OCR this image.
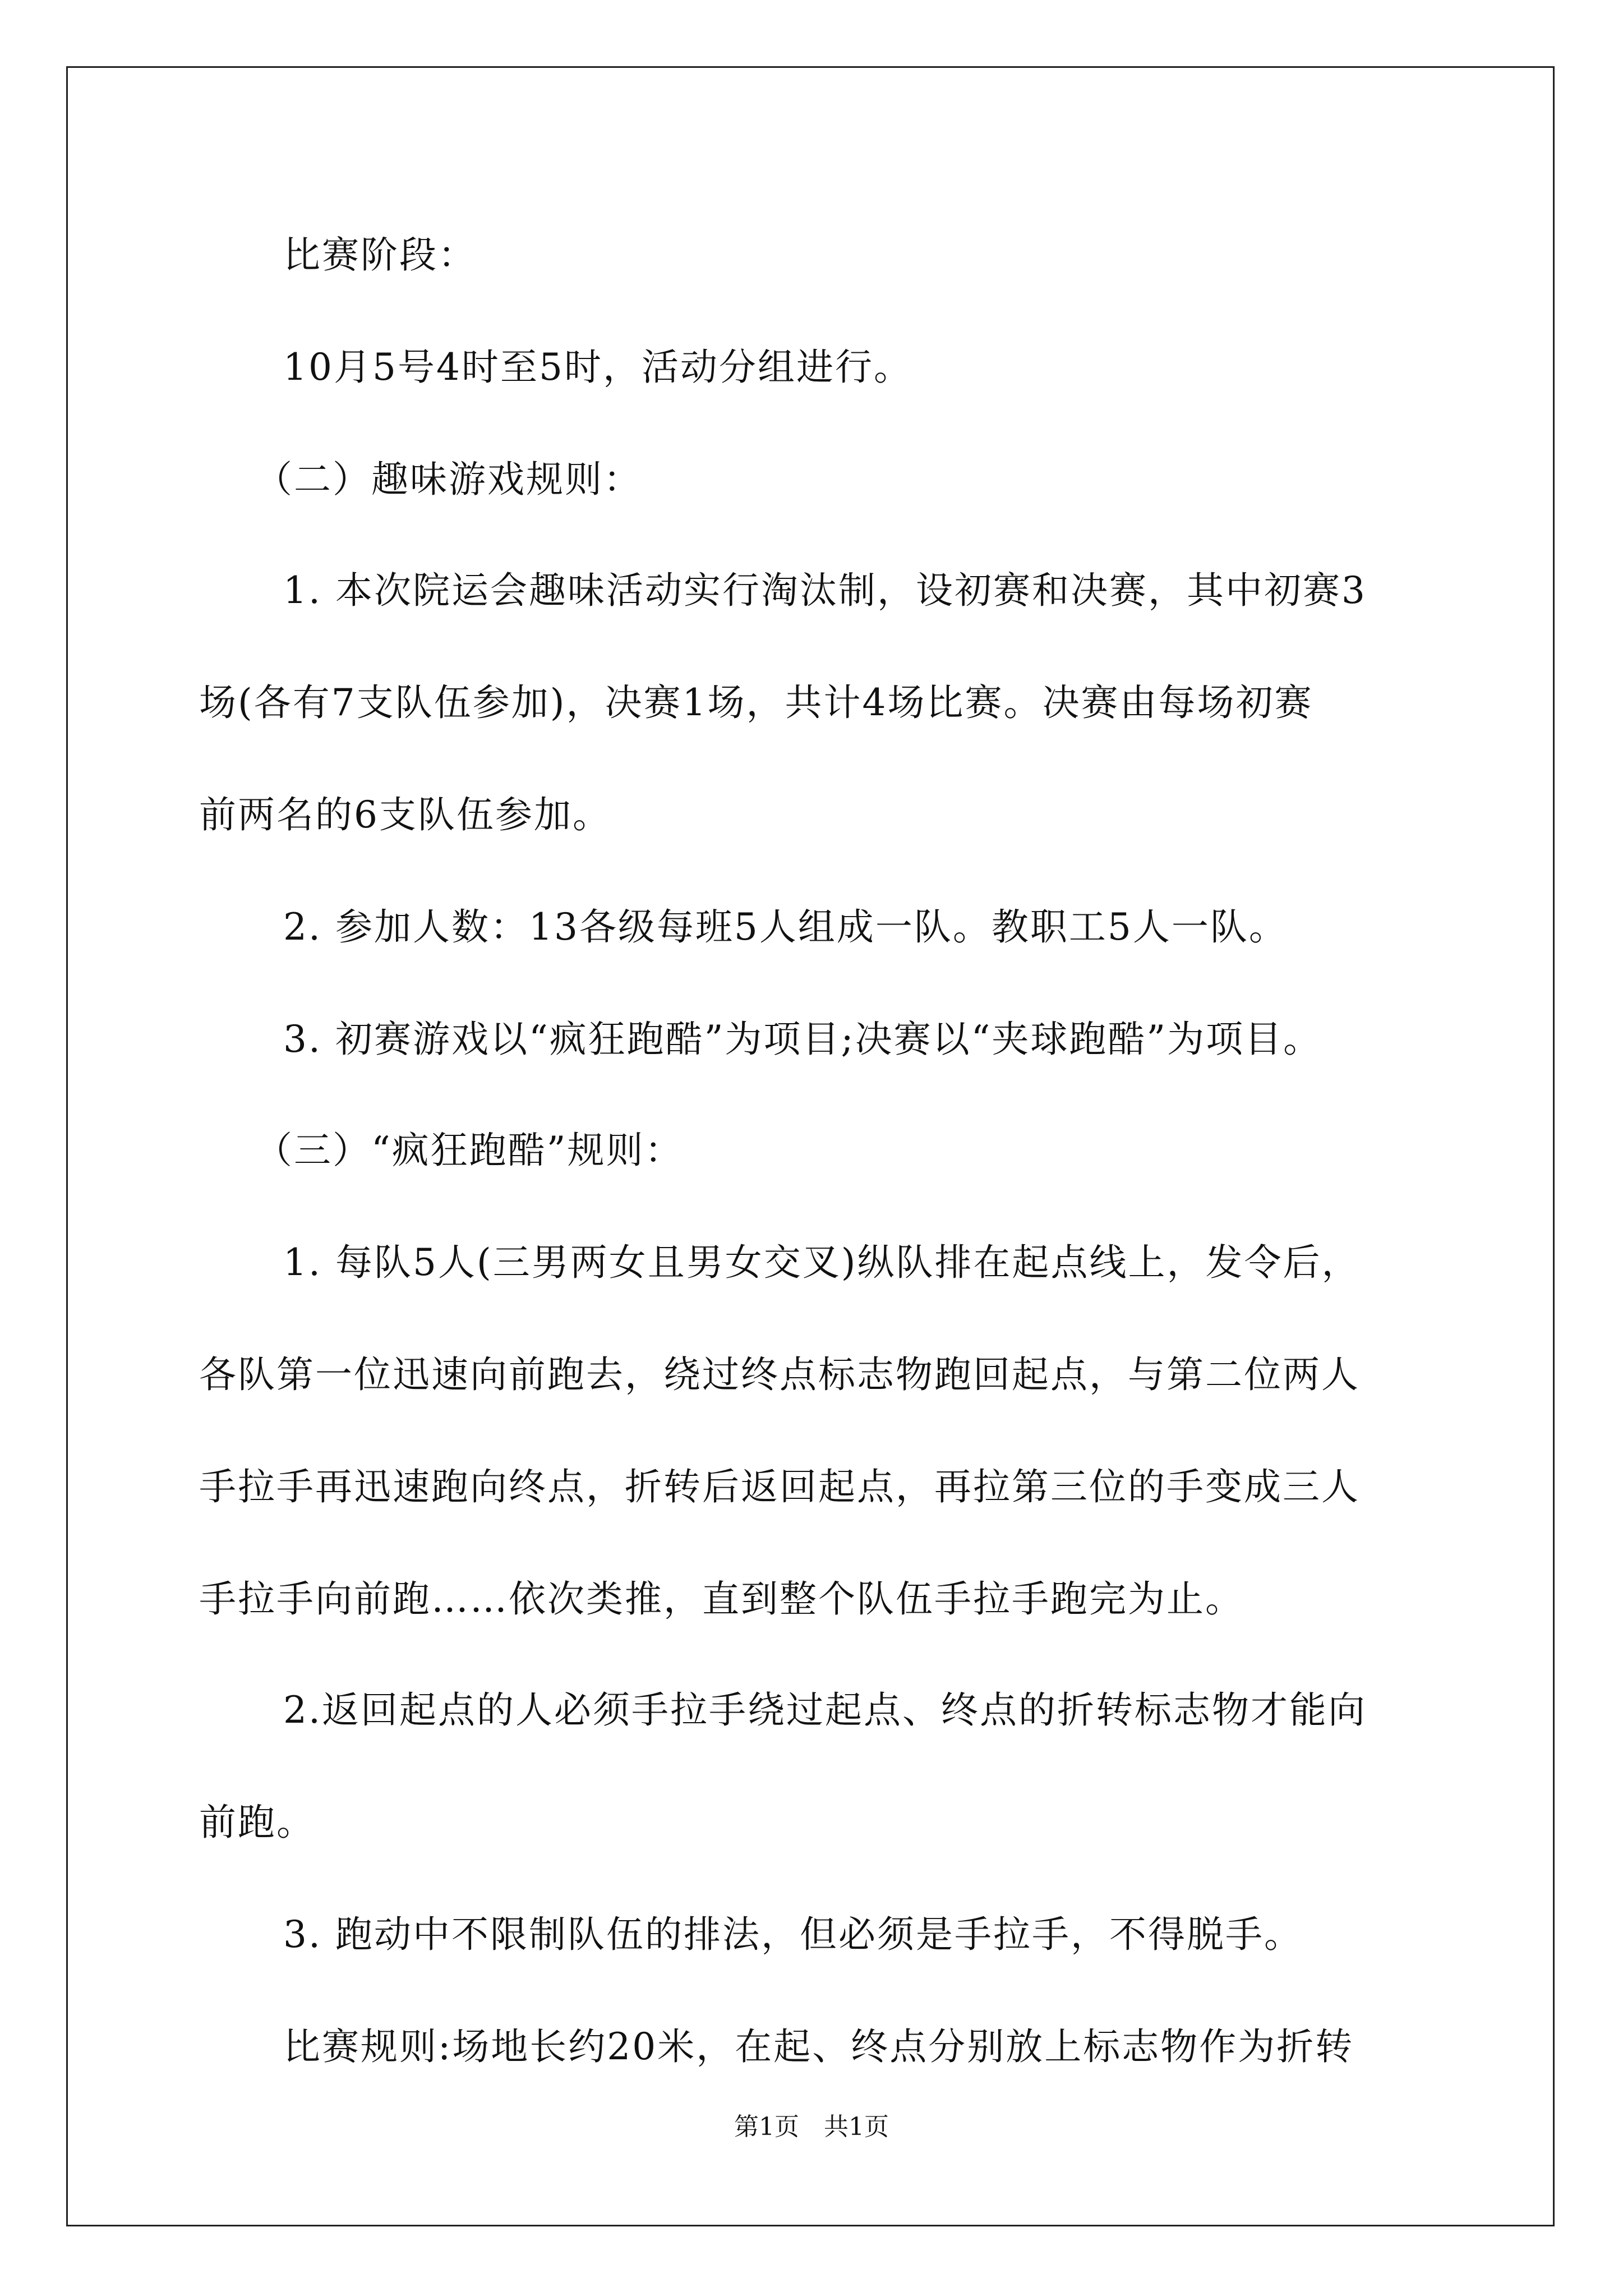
比赛阶段：
10月5号4时至5时，活动分组进行。
（二）趣味游戏规则：
1. 本次院运会趣味活动实行淘汰制，设初赛和决赛，其中初赛3
场(各有7支队伍参加)，决赛1场，共计4场比赛。决赛由每场初赛
前两名的6支队伍参加。
2. 参加人数：13各级每班5人组成一队。教职工5人一队。
3. 初赛游戏以“疯狂跑酷”为项目;决赛以“夹球跑酷”为项目。
（三）“疯狂跑酷”规则：
1. 每队5人(三男两女且男女交叉)纵队排在起点线上，发令后，
各队第一位迅速向前跑去，绕过终点标志物跑回起点，与第二位两人
手拉手再迅速跑向终点，折转后返回起点，再拉第三位的手变成三人
手拉手向前跑……依次类推，直到整个队伍手拉手跑完为止。
2.返回起点的人必须手拉手绕过起点、终点的折转标志物才能向
前跑。
3. 跑动中不限制队伍的排法，但必须是手拉手，不得脱手。
比赛规则:场地长约20米，在起、终点分别放上标志物作为折转
第1页　共1页
